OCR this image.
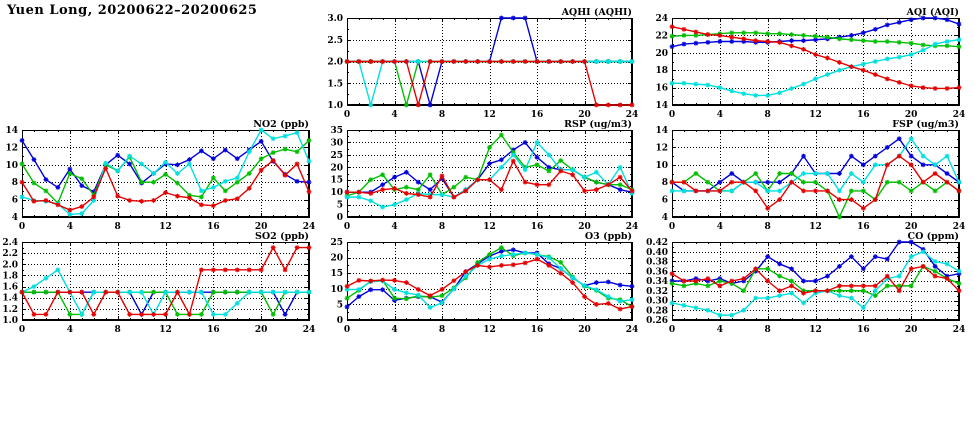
Yuen Long, 20200622–20200625
1.0
1.5
2.0
2.5
3.0
0	4	8	12	16	20	24
AQHI (AQHI)
14
16
18
20
22
24
0	4	8	12	16	20	24
AQI (AQI)
4
6
8
10
12
14
0	4	8	12	16	20	24
NO2 (ppb)
0
5
10
15
20
25
30
35
0	4	8	12	16	20	24
RSP (ug/m3)
4
6
8
10
12
14
0	4	8	12	16	20	24
FSP (ug/m3)
1.0
1.2
1.4
1.6
1.8
2.0
2.2
2.4
0	4	8	12	16	20	24
SO2 (ppb)
0
5
10
15
20
25
0	4	8	12	16	20	24
O3 (ppb)
0.26
0.28
0.30
0.32
0.34
0.36
0.38
0.40
0.42
0	4	8	12	16	20	24
CO (ppm)
